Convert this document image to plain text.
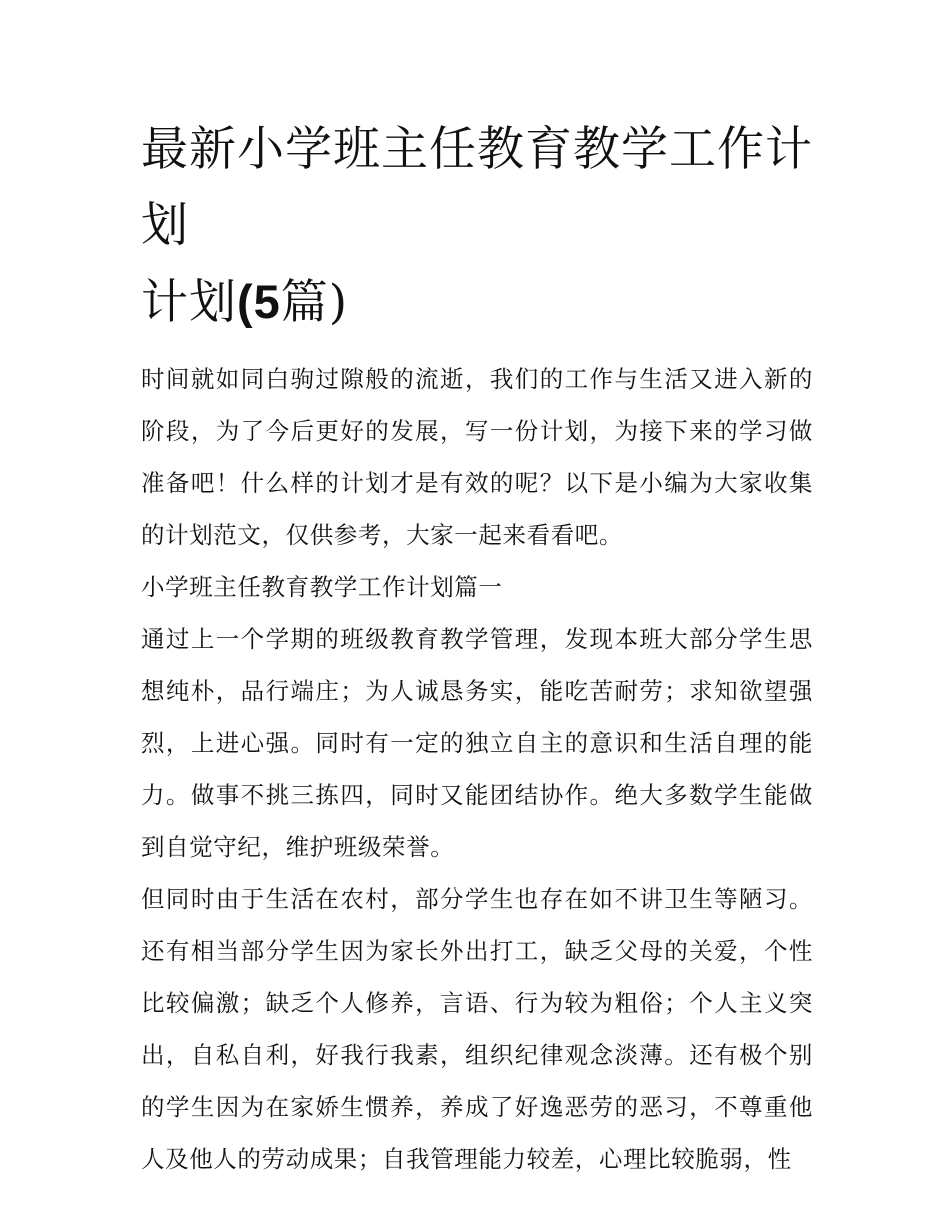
最新小学班主任教育教学工作计划
计划(5篇)

时间就如同白驹过隙般的流逝，我们的工作与生活又进入新的阶段，为了今后更好的发展，写一份计划，为接下来的学习做准备吧！什么样的计划才是有效的呢？以下是小编为大家收集的计划范文，仅供参考，大家一起来看看吧。

小学班主任教育教学工作计划篇一

通过上一个学期的班级教育教学管理，发现本班大部分学生思想纯朴，品行端庄；为人诚恳务实，能吃苦耐劳；求知欲望强烈，上进心强。同时有一定的独立自主的意识和生活自理的能力。做事不挑三拣四，同时又能团结协作。绝大多数学生能做到自觉守纪，维护班级荣誉。

但同时由于生活在农村，部分学生也存在如不讲卫生等陋习。还有相当部分学生因为家长外出打工，缺乏父母的关爱，个性比较偏激；缺乏个人修养，言语、行为较为粗俗；个人主义突出，自私自利，好我行我素，组织纪律观念淡薄。还有极个别的学生因为在家娇生惯养，养成了好逸恶劳的恶习，不尊重他人及他人的劳动成果；自我管理能力较差，心理比较脆弱，性
